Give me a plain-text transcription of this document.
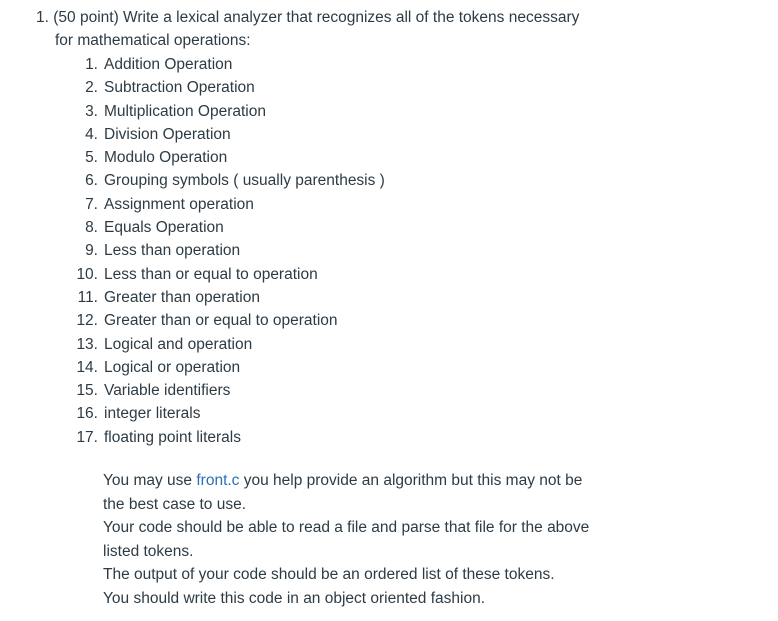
1. (50 point) Write a lexical analyzer that recognizes all of the tokens necessary
for mathematical operations:
1. Addition Operation
2. Subtraction Operation
3. Multiplication Operation
4. Division Operation
5. Modulo Operation
6. Grouping symbols ( usually parenthesis )
7. Assignment operation
8. Equals Operation
9. Less than operation
10. Less than or equal to operation
11. Greater than operation
12. Greater than or equal to operation
13. Logical and operation
14. Logical or operation
15. Variable identifiers
16. integer literals
17. floating point literals

You may use front.c you help provide an algorithm but this may not be

the best case to use.

Your code should be able to read a file and parse that file for the above

listed tokens.

The output of your code should be an ordered list of these tokens.

You should write this code in an object oriented fashion.
